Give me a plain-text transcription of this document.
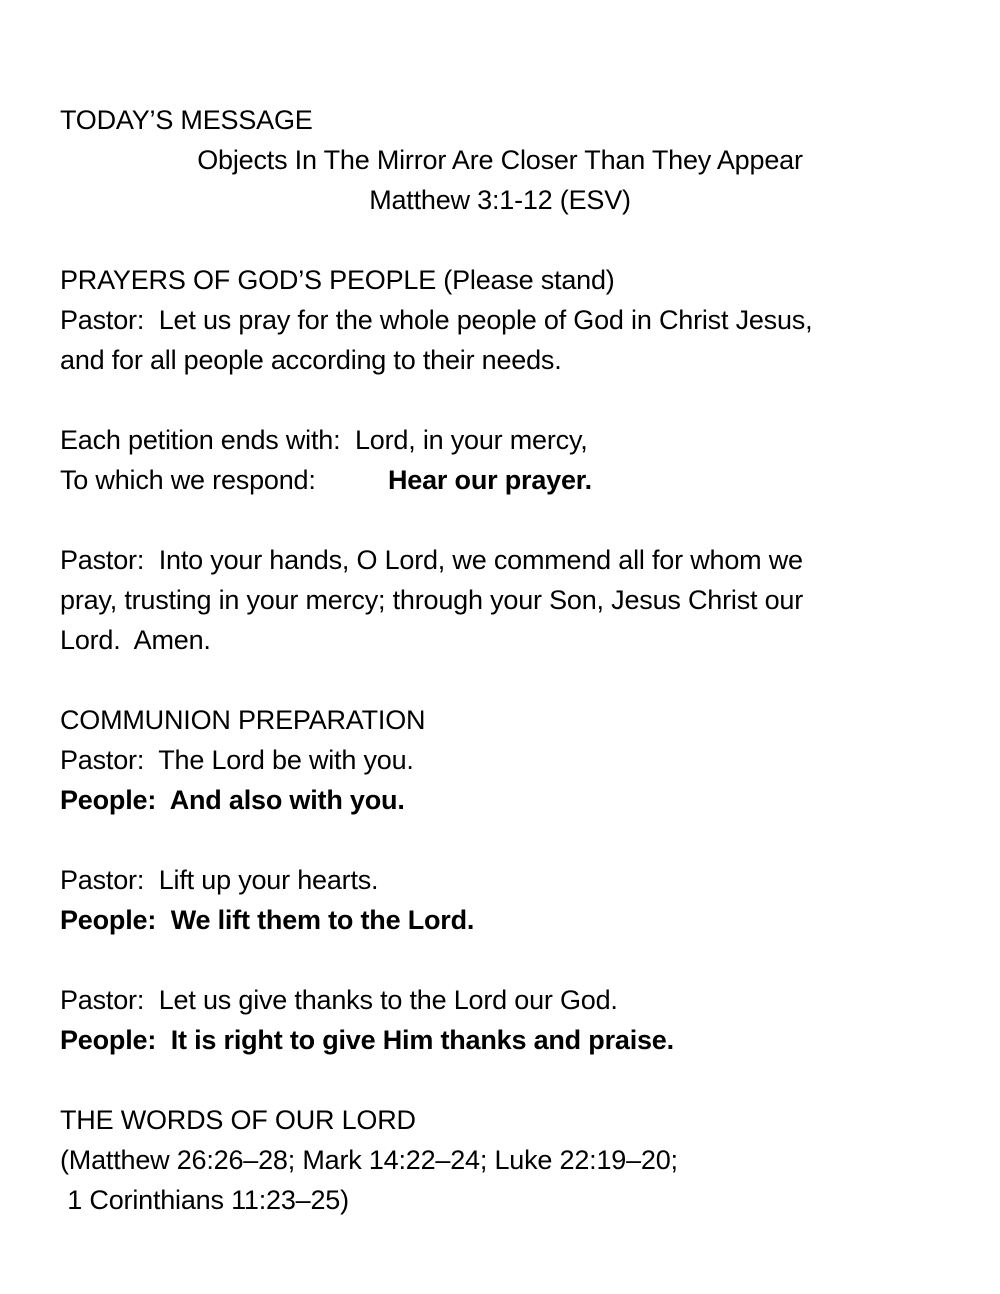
TODAY’S MESSAGE
Objects In The Mirror Are Closer Than They Appear
Matthew 3:1-12 (ESV)
PRAYERS OF GOD’S PEOPLE (Please stand)
Pastor:  Let us pray for the whole people of God in Christ Jesus,
and for all people according to their needs.
Each petition ends with:  Lord, in your mercy,
To which we respond:	Hear our prayer.
Pastor:  Into your hands, O Lord, we commend all for whom we
pray, trusting in your mercy; through your Son, Jesus Christ our
Lord.  Amen.
COMMUNION PREPARATION
Pastor:  The Lord be with you.
People:  And also with you.
Pastor:  Lift up your hearts.
People:  We lift them to the Lord.
Pastor:  Let us give thanks to the Lord our God.
People:  It is right to give Him thanks and praise.
THE WORDS OF OUR LORD
(Matthew 26:26–28; Mark 14:22–24; Luke 22:19–20;
1 Corinthians 11:23–25)
